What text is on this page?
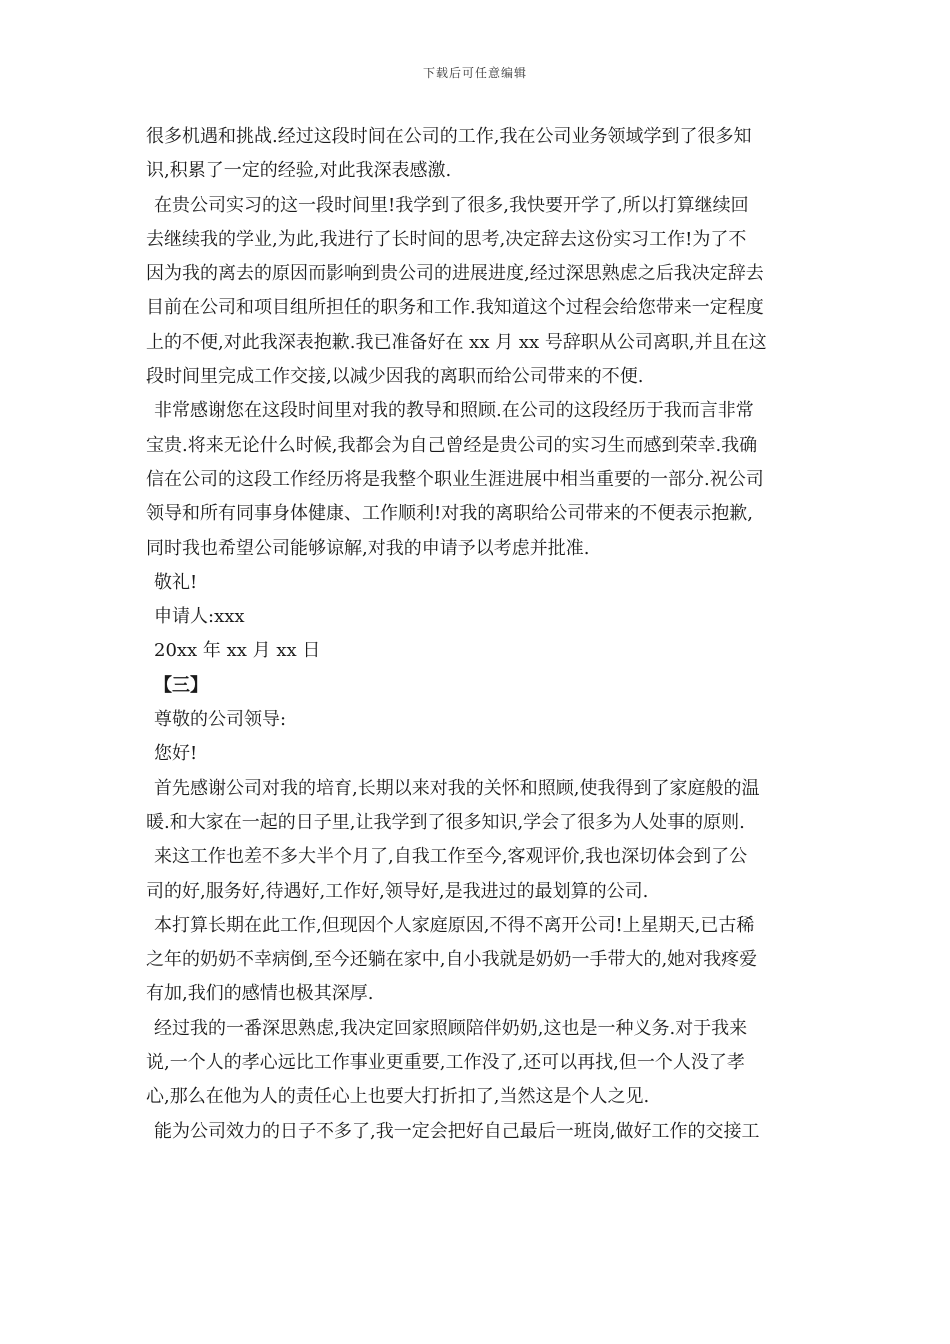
下载后可任意编辑
很多机遇和挑战.经过这段时间在公司的工作,我在公司业务领域学到了很多知
识,积累了一定的经验,对此我深表感激.
在贵公司实习的这一段时间里!我学到了很多,我快要开学了,所以打算继续回
去继续我的学业,为此,我进行了长时间的思考,决定辞去这份实习工作!为了不
因为我的离去的原因而影响到贵公司的进展进度,经过深思熟虑之后我决定辞去
目前在公司和项目组所担任的职务和工作.我知道这个过程会给您带来一定程度
上的不便,对此我深表抱歉.我已准备好在 xx 月 xx 号辞职从公司离职,并且在这
段时间里完成工作交接,以减少因我的离职而给公司带来的不便.
非常感谢您在这段时间里对我的教导和照顾.在公司的这段经历于我而言非常
宝贵.将来无论什么时候,我都会为自己曾经是贵公司的实习生而感到荣幸.我确
信在公司的这段工作经历将是我整个职业生涯进展中相当重要的一部分.祝公司
领导和所有同事身体健康、工作顺利!对我的离职给公司带来的不便表示抱歉,
同时我也希望公司能够谅解,对我的申请予以考虑并批准.
敬礼!
申请人:xxx
20xx 年 xx 月 xx 日
【三】
尊敬的公司领导:
您好!
首先感谢公司对我的培育,长期以来对我的关怀和照顾,使我得到了家庭般的温
暖.和大家在一起的日子里,让我学到了很多知识,学会了很多为人处事的原则.
来这工作也差不多大半个月了,自我工作至今,客观评价,我也深切体会到了公
司的好,服务好,待遇好,工作好,领导好,是我进过的最划算的公司.
本打算长期在此工作,但现因个人家庭原因,不得不离开公司!上星期天,已古稀
之年的奶奶不幸病倒,至今还躺在家中,自小我就是奶奶一手带大的,她对我疼爱
有加,我们的感情也极其深厚.
经过我的一番深思熟虑,我决定回家照顾陪伴奶奶,这也是一种义务.对于我来
说,一个人的孝心远比工作事业更重要,工作没了,还可以再找,但一个人没了孝
心,那么在他为人的责任心上也要大打折扣了,当然这是个人之见.
能为公司效力的日子不多了,我一定会把好自己最后一班岗,做好工作的交接工
